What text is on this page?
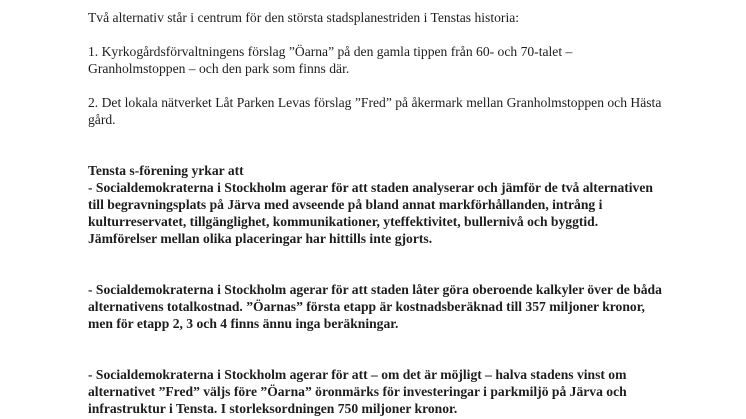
Två alternativ står i centrum för den största stadsplanestriden i Tenstas historia:

1. Kyrkogårdsförvaltningens förslag ”Öarna” på den gamla tippen från 60- och 70-talet – Granholmstoppen – och den park som finns där.

2. Det lokala nätverket Låt Parken Levas förslag ”Fred” på åkermark mellan Granholmstoppen och Hästa gård.

Tensta s-förening yrkar att

- Socialdemokraterna i Stockholm agerar för att staden analyserar och jämför de två alternativen till begravningsplats på Järva med avseende på bland annat markförhållanden, intrång i kulturreservatet, tillgänglighet, kommunikationer, yteffektivitet, bullernivå och byggtid. Jämförelser mellan olika placeringar har hittills inte gjorts.

- Socialdemokraterna i Stockholm agerar för att staden låter göra oberoende kalkyler över de båda alternativens totalkostnad. ”Öarnas” första etapp är kostnadsberäknad till 357 miljoner kronor, men för etapp 2, 3 och 4 finns ännu inga beräkningar.

- Socialdemokraterna i Stockholm agerar för att – om det är möjligt – halva stadens vinst om alternativet ”Fred” väljs före ”Öarna” öronmärks för investeringar i parkmiljö på Järva och infrastruktur i Tensta. I storleksordningen 750 miljoner kronor.
